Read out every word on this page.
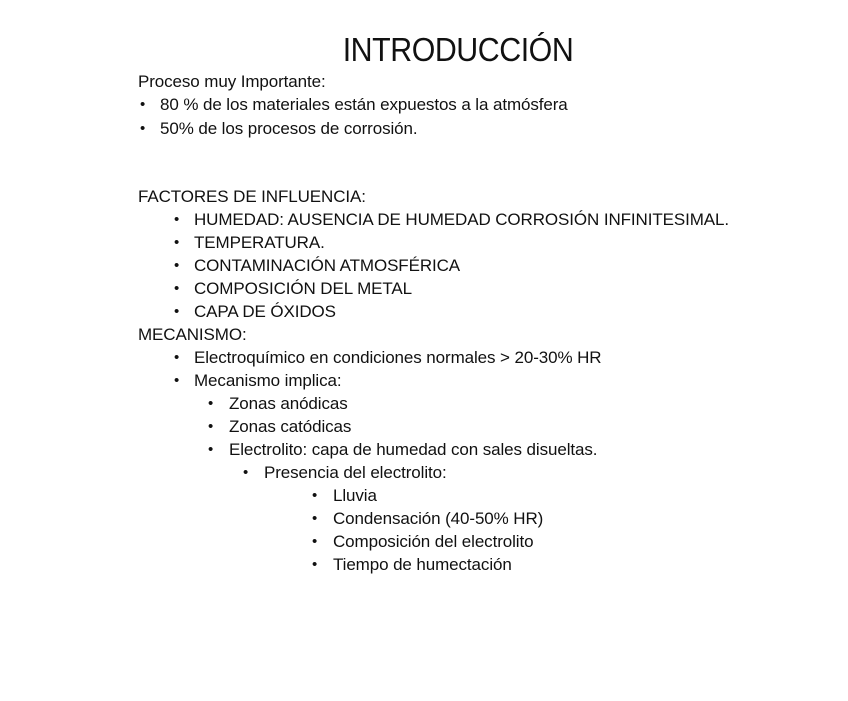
INTRODUCCIÓN
Proceso muy Importante:
• 80 % de los materiales están expuestos a la atmósfera
• 50% de los procesos de corrosión.
FACTORES DE INFLUENCIA:
• HUMEDAD: AUSENCIA DE HUMEDAD CORROSIÓN INFINITESIMAL.
• TEMPERATURA.
• CONTAMINACIÓN ATMOSFÉRICA
• COMPOSICIÓN DEL METAL
• CAPA DE ÓXIDOS
MECANISMO:
• Electroquímico en condiciones normales > 20-30% HR
• Mecanismo implica:
• Zonas anódicas
• Zonas catódicas
• Electrolito: capa de humedad con sales disueltas.
• Presencia del electrolito:
• Lluvia
• Condensación (40-50% HR)
• Composición del electrolito
• Tiempo de humectación
